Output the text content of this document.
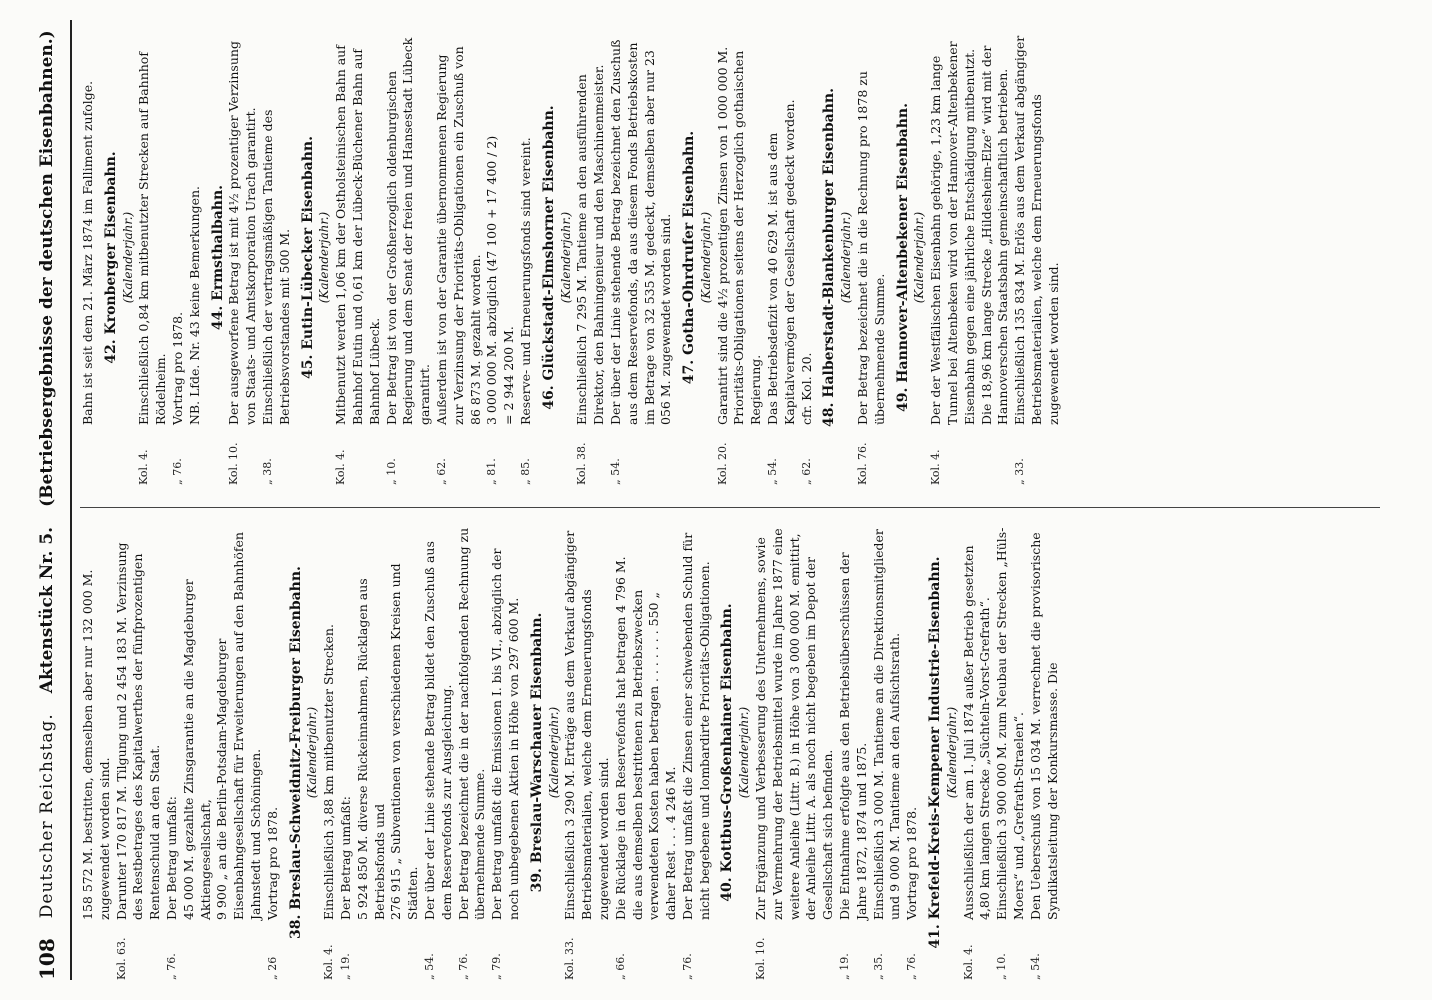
108
Deutscher Reichstag.
Aktenstück Nr. 5.
(Betriebsergebnisse der deutschen Eisenbahnen.)
158 572 M. bestritten, demselben aber nur 132 000 M. zugewendet worden sind.
Kol. 63.
Darunter 170 817 M. Tilgung und 2 454 183 M. Verzinsung des Restbetrages des Kapitalwerthes der fünfprozentigen Rentenschuld an den Staat.
„ 76.
Der Betrag umfaßt: 45 000 M. gezahlte Zinsgarantie an die Magdeburger Aktiengesellschaft, 9 900 „ an die Berlin-Potsdam-Magdeburger Eisenbahngesellschaft für Erweiterungen auf den Bahnhöfen Jahnstedt und Schöningen.
„ 26
Vortrag pro 1878. 38. Breslau-Schweidnitz-Freiburger Eisenbahn. (Kalenderjahr.)
Kol. 4.
Einschließlich 3,88 km mitbenutzter Strecken.
„ 19.
Der Betrag umfaßt: 5 924 850 M. diverse Rückeinnahmen, Rücklagen aus Betriebsfonds und 276 915 „ Subventionen von verschiedenen Kreisen und Städten.
„ 54.
Der über der Linie stehende Betrag bildet den Zuschuß aus dem Reservefonds zur Ausgleichung.
„ 76.
Der Betrag bezeichnet die in der nachfolgenden Rechnung zu übernehmende Summe.
„ 79.
Der Betrag umfaßt die Emissionen I. bis VI., abzüglich der noch unbegebenen Aktien in Höhe von 297 600 M. 39. Breslau-Warschauer Eisenbahn. (Kalenderjahr.)
Kol. 33.
Einschließlich 3 290 M. Erträge aus dem Verkauf abgängiger Betriebsmaterialien, welche dem Erneuerungsfonds zugewendet worden sind.
„ 66.
Die Rücklage in den Reservefonds hat betragen 4 796 M. die aus demselben bestrittenen zu Betriebszwecken verwendeten Kosten haben betragen . . . . . . . 550 „ daher Rest . . . 4 246 M.
„ 76.
Der Betrag umfaßt die Zinsen einer schwebenden Schuld für nicht begebene und lombardirte Prioritäts-Obligationen. 40. Kottbus-Großenhainer Eisenbahn. (Kalenderjahr.)
Kol. 10.
Zur Ergänzung und Verbesserung des Unternehmens, sowie zur Vermehrung der Betriebsmittel wurde im Jahre 1877 eine weitere Anleihe (Littr. B.) in Höhe von 3 000 000 M. emittirt, der Anleihe Littr. A. als noch nicht begeben im Depot der Gesellschaft sich befinden.
„ 19.
Die Entnahme erfolgte aus den Betriebsüberschüssen der Jahre 1872, 1874 und 1875.
„ 35.
Einschließlich 3 000 M. Tantieme an die Direktionsmitglieder und 9 000 M. Tantieme an den Aufsichtsrath.
„ 76.
Vortrag pro 1878. 41. Krefeld-Kreis-Kempener Industrie-Eisenbahn. (Kalenderjahr.)
Kol. 4.
Ausschließlich der am 1. Juli 1874 außer Betrieb gesetzten 4,80 km langen Strecke „Süchteln-Vorst-Grefrath“.
„ 10.
Einschließlich 3 900 000 M. zum Neubau der Strecken „Hüls-Moers“ und „Grefrath-Straelen“.
„ 54.
Den Ueberschuß von 15 034 M. verrechnet die provisorische Syndikatsleitung der Konkursmasse. Die
Bahn ist seit dem 21. März 1874 im Falliment zufolge. 42. Kronberger Eisenbahn. (Kalenderjahr.)
Kol. 4.
Einschließlich 0,84 km mitbenutzter Strecken auf Bahnhof Rödelheim.
„ 76.
Vortrag pro 1878. NB. Lfde. Nr. 43 keine Bemerkungen. 44. Ermsthalbahn.
Kol. 10.
Der ausgeworfene Betrag ist mit 4½ prozentiger Verzinsung von Staats- und Amtskorporation Urach garantirt.
„ 38.
Einschließlich der vertragsmäßigen Tantieme des Betriebsvorstandes mit 500 M. 45. Eutin-Lübecker Eisenbahn. (Kalenderjahr.)
Kol. 4.
Mitbenutzt werden 1,06 km der Ostholsteinischen Bahn auf Bahnhof Eutin und 0,61 km der Lübeck-Büchener Bahn auf Bahnhof Lübeck.
„ 10.
Der Betrag ist von der Großherzoglich oldenburgischen Regierung und dem Senat der freien und Hansestadt Lübeck garantirt.
„ 62.
Außerdem ist von der Garantie übernommenen Regierung zur Verzinsung der Prioritäts-Obligationen ein Zuschuß von 86 873 M. gezahlt worden.
„ 81.
3 000 000 M. abzüglich (47 100 + 17 400 / 2) = 2 944 200 M.
„ 85.
Reserve- und Erneuerungsfonds sind vereint. 46. Glückstadt-Elmshorner Eisenbahn. (Kalenderjahr.)
Kol. 38.
Einschließlich 7 295 M. Tantieme an den ausführenden Direktor, den Bahningenieur und den Maschinenmeister.
„ 54.
Der über der Linie stehende Betrag bezeichnet den Zuschuß aus dem Reservefonds, da aus diesem Fonds Betriebskosten im Betrage von 32 535 M. gedeckt, demselben aber nur 23 056 M. zugewendet worden sind. 47. Gotha-Ohrdrufer Eisenbahn. (Kalenderjahr.)
Kol. 20.
Garantirt sind die 4½ prozentigen Zinsen von 1 000 000 M. Prioritäts-Obligationen seitens der Herzoglich gothaischen Regierung.
„ 54.
Das Betriebsdefizit von 40 629 M. ist aus dem Kapitalvermögen der Gesellschaft gedeckt worden.
„ 62.
cfr. Kol. 20. 48. Halberstadt-Blankenburger Eisenbahn. (Kalenderjahr.)
Kol. 76.
Der Betrag bezeichnet die in die Rechnung pro 1878 zu übernehmende Summe. 49. Hannover-Altenbekener Eisenbahn. (Kalenderjahr.)
Kol. 4.
Der der Westfälischen Eisenbahn gehörige, 1,23 km lange Tunnel bei Altenbeken wird von der Hannover-Altenbekener Eisenbahn gegen eine jährliche Entschädigung mitbenutzt. Die 18,96 km lange Strecke „Hildesheim-Elze“ wird mit der Hannoverschen Staatsbahn gemeinschaftlich betrieben.
„ 33.
Einschließlich 135 834 M. Erlös aus dem Verkauf abgängiger Betriebsmaterialien, welche dem Erneuerungsfonds zugewendet worden sind.
